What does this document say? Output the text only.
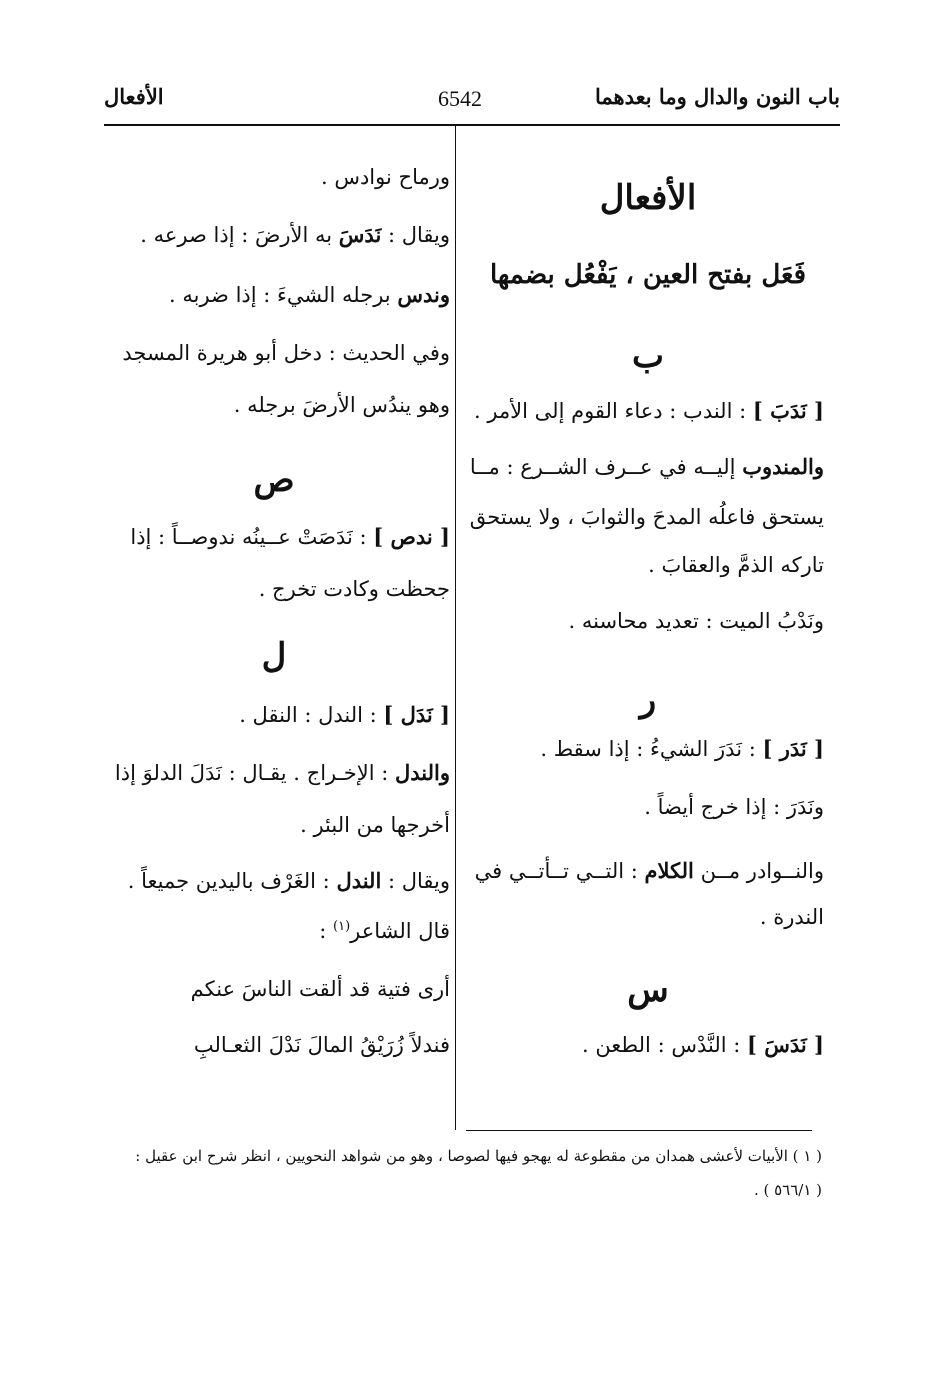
باب النون والدال وما بعدهما
6542
الأفعال
الأفعال
فَعَل بفتح العين ، يَفْعُل بضمها
ب
[ نَدَبَ ] : الندب : دعاء القوم إلى الأمر .
والمندوب إليــه في عــرف الشــرع : مــا
يستحق فاعلُه المدحَ والثوابَ ، ولا يستحق
تاركه الذمَّ والعقابَ .
ونَدْبُ الميت : تعديد محاسنه .
ر
[ نَدَر ] : نَدَرَ الشيءُ : إذا سقط .
ونَدَرَ : إذا خرج أيضاً .
والنــوادر مــن الكلام : التــي تــأتــي في
الندرة .
س
[ نَدَسَ ] : النَّدْس : الطعن .
ورماح نوادس .
ويقال : نَدَسَ به الأرضَ : إذا صرعه .
وندس برجله الشيءَ : إذا ضربه .
وفي الحديث : دخل أبو هريرة المسجد
وهو يندُس الأرضَ برجله .
ص
[ ندص ] : نَدَصَتْ عــينُه ندوصــاً : إذا
جحظت وكادت تخرج .
ل
[ نَدَل ] : الندل : النقل .
والندل : الإخـراج . يقـال : نَدَلَ الدلوَ إذا
أخرجها من البئر .
ويقال : الندل : الغَرْف باليدين جميعاً .
قال الشاعر$^{(١)}$ :
أرى فتية قد ألقت الناسَ عنكم
فندلاً زُرَيْقُ المالَ نَدْلَ الثعـالبِ
( ١ ) الأبيات لأعشى همدان من مقطوعة له يهجو فيها لصوصا ، وهو من شواهد النحويين ، انظر شرح ابن عقيل :
( ٥٦٦/١ ) .
